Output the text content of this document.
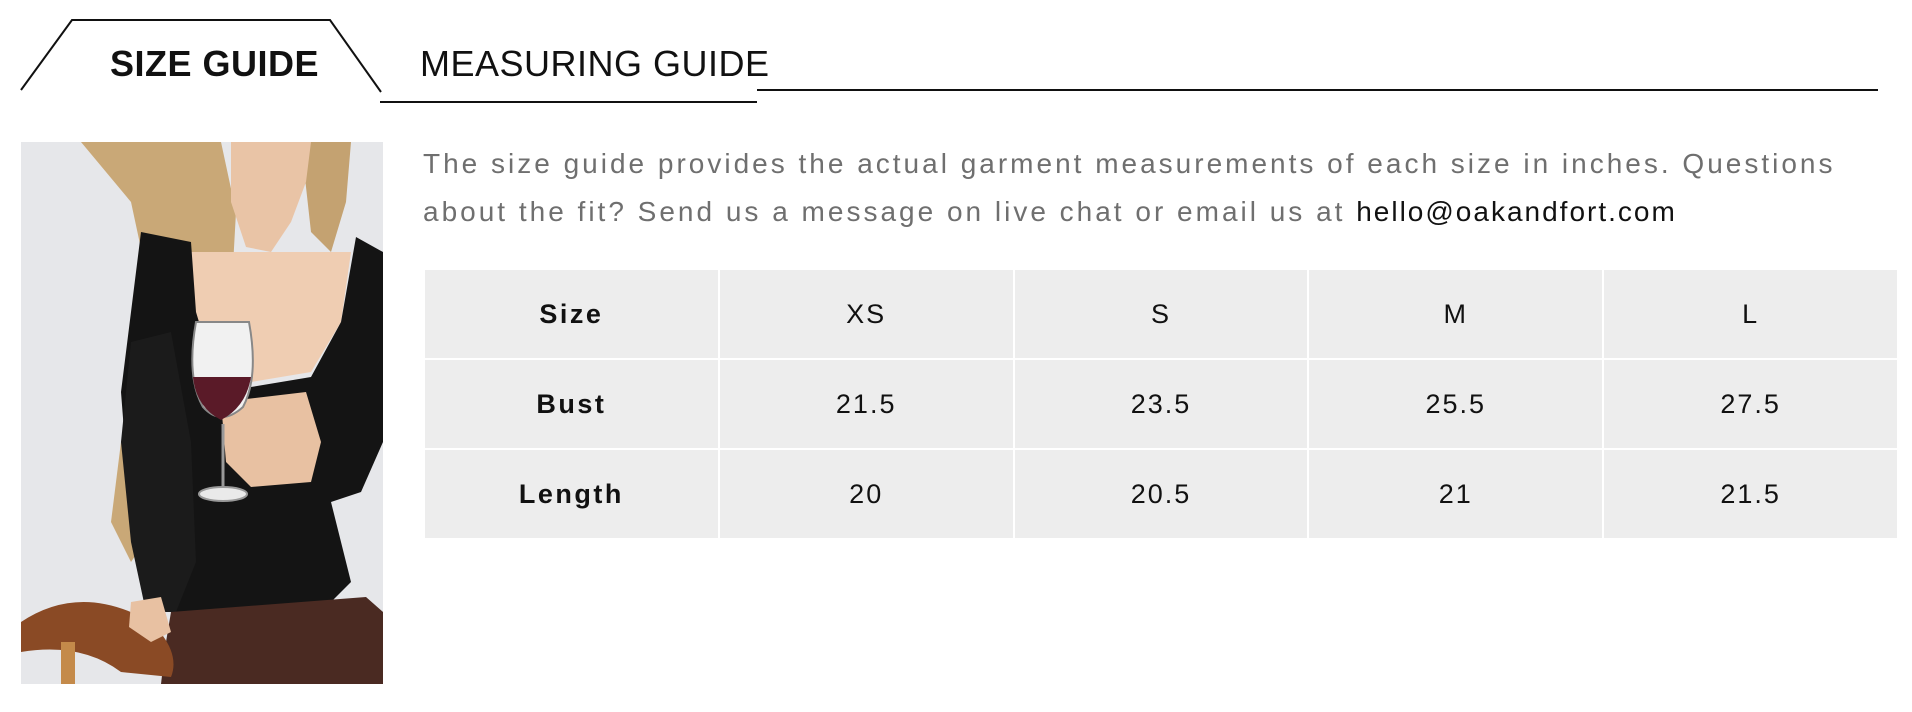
SIZE GUIDE	MEASURING GUIDE
The size guide provides the actual garment measurements of each size in inches. Questions about the fit? Send us a message on live chat or email us at hello@oakandfort.com
Size	XS	S	M	L
Bust	21.5	23.5	25.5	27.5
Length	20	20.5	21	21.5
